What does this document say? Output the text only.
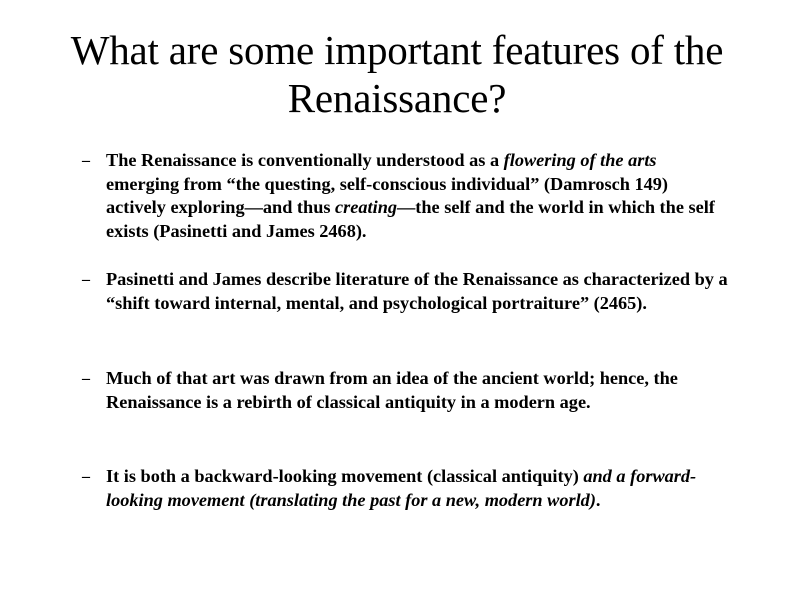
What are some important features of the
Renaissance?
– The Renaissance is conventionally understood as a flowering of the arts emerging from “the questing, self-conscious individual” (Damrosch 149) actively exploring—and thus creating—the self and the world in which the self exists (Pasinetti and James 2468).
– Pasinetti and James describe literature of the Renaissance as characterized by a “shift toward internal, mental, and psychological portraiture” (2465).
– Much of that art was drawn from an idea of the ancient world; hence, the Renaissance is a rebirth of classical antiquity in a modern age.
– It is both a backward-looking movement (classical antiquity) and a forward-looking movement (translating the past for a new, modern world).
